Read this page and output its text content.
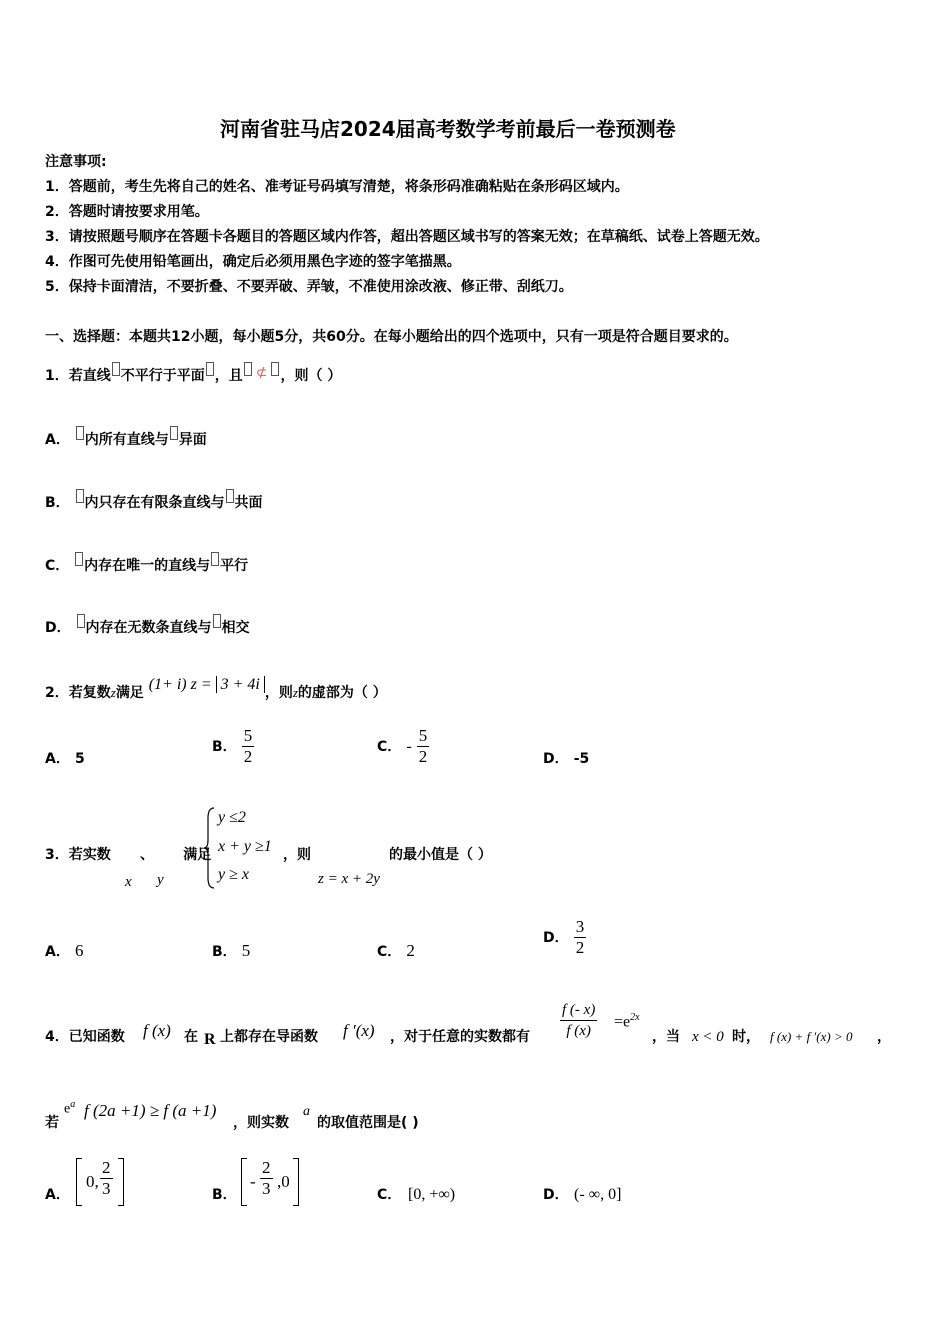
河南省驻马店2024届高考数学考前最后一卷预测卷
注意事项:
1．答题前，考生先将自己的姓名、准考证号码填写清楚，将条形码准确粘贴在条形码区域内。
2．答题时请按要求用笔。
3．请按照题号顺序在答题卡各题目的答题区域内作答，超出答题区域书写的答案无效；在草稿纸、试卷上答题无效。
4．作图可先使用铅笔画出，确定后必须用黑色字迹的签字笔描黑。
5．保持卡面清洁，不要折叠、不要弄破、弄皱，不准使用涂改液、修正带、刮纸刀。
一、选择题：本题共12小题，每小题5分，共60分。在每小题给出的四个选项中，只有一项是符合题目要求的。
1．若直线 不平行于平面 ，且 ⊄ ，则（ ）
A． 内所有直线与 异面
B． 内只存在有限条直线与 共面
C． 内存在唯一的直线与 平行
D． 内存在无数条直线与 相交
2．若复数z满足 (1+ i) z = 3 + 4i ，则z的虚部为（ ）
A． 5
B． $\frac{5}{2}$	C． - $\frac{5}{2}$	D． -5
3．若实数 、 满足
x y
y ≤2
x + y ≥1
y ≥ x
，则	的最小值是（ ）
z = x + 2y
A． 6	B． 5	C． 2
D． $\frac{3}{2}$
4．已知函数 f (x) 在 R 上都存在导函数 f ′(x) ，对于任意的实数都有 $\frac{f (- x)}{f (x)} =e^{2x}$
，当 x < 0 时， f (x) + f ′(x) > 0 ，
若
$e^a$ f (2a +1) ≥ f (a +1)
，则实数
a
的取值范围是( )
A．
0, $\frac{2}{3}$	B．
- $\frac{2}{3} ,0$
C． [0, +∞)	D． (- ∞, 0]
